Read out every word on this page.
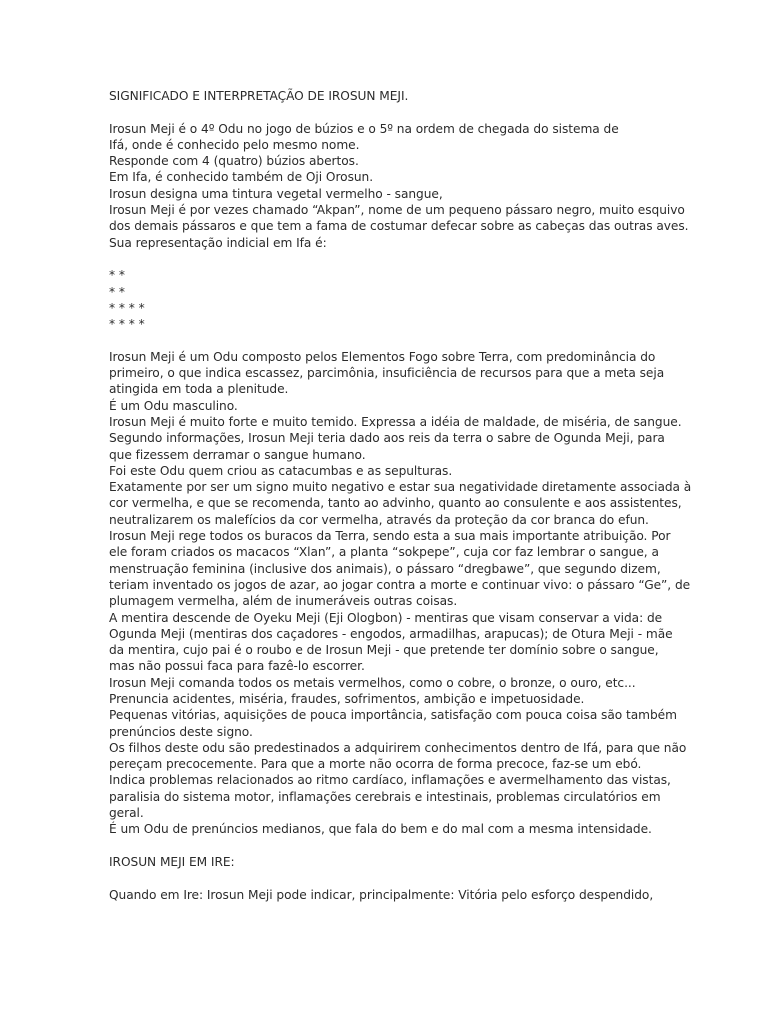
SIGNIFICADO E INTERPRETAÇÃO DE IROSUN MEJI.
Irosun Meji é o 4º Odu no jogo de búzios e o 5º na ordem de chegada do sistema de
Ifá, onde é conhecido pelo mesmo nome.
Responde com 4 (quatro) búzios abertos.
Em Ifa, é conhecido também de Oji Orosun.
Irosun designa uma tintura vegetal vermelho - sangue,
Irosun Meji é por vezes chamado “Akpan”, nome de um pequeno pássaro negro, muito esquivo
dos demais pássaros e que tem a fama de costumar defecar sobre as cabeças das outras aves.
Sua representação indicial em Ifa é:
* *
* *
* * * *
* * * *
Irosun Meji é um Odu composto pelos Elementos Fogo sobre Terra, com predominância do
primeiro, o que indica escassez, parcimônia, insuficiência de recursos para que a meta seja
atingida em toda a plenitude.
É um Odu masculino.
Irosun Meji é muito forte e muito temido. Expressa a idéia de maldade, de miséria, de sangue.
Segundo informações, Irosun Meji teria dado aos reis da terra o sabre de Ogunda Meji, para
que fizessem derramar o sangue humano.
Foi este Odu quem criou as catacumbas e as sepulturas.
Exatamente por ser um signo muito negativo e estar sua negatividade diretamente associada à
cor vermelha, e que se recomenda, tanto ao advinho, quanto ao consulente e aos assistentes,
neutralizarem os malefícios da cor vermelha, através da proteção da cor branca do efun.
Irosun Meji rege todos os buracos da Terra, sendo esta a sua mais importante atribuição. Por
ele foram criados os macacos “Xlan”, a planta “sokpepe”, cuja cor faz lembrar o sangue, a
menstruação feminina (inclusive dos animais), o pássaro “dregbawe”, que segundo dizem,
teriam inventado os jogos de azar, ao jogar contra a morte e continuar vivo: o pássaro “Ge”, de
plumagem vermelha, além de inumeráveis outras coisas.
A mentira descende de Oyeku Meji (Eji Ologbon) - mentiras que visam conservar a vida: de
Ogunda Meji (mentiras dos caçadores - engodos, armadilhas, arapucas); de Otura Meji - mãe
da mentira, cujo pai é o roubo e de Irosun Meji - que pretende ter domínio sobre o sangue,
mas não possui faca para fazê-lo escorrer.
Irosun Meji comanda todos os metais vermelhos, como o cobre, o bronze, o ouro, etc...
Prenuncia acidentes, miséria, fraudes, sofrimentos, ambição e impetuosidade.
Pequenas vitórias, aquisições de pouca importância, satisfação com pouca coisa são também
prenúncios deste signo.
Os filhos deste odu são predestinados a adquirirem conhecimentos dentro de Ifá, para que não
pereçam precocemente. Para que a morte não ocorra de forma precoce, faz-se um ebó.
Indica problemas relacionados ao ritmo cardíaco, inflamações e avermelhamento das vistas,
paralisia do sistema motor, inflamações cerebrais e intestinais, problemas circulatórios em
geral.
É um Odu de prenúncios medianos, que fala do bem e do mal com a mesma intensidade.
IROSUN MEJI EM IRE:
Quando em Ire: Irosun Meji pode indicar, principalmente: Vitória pelo esforço despendido,
